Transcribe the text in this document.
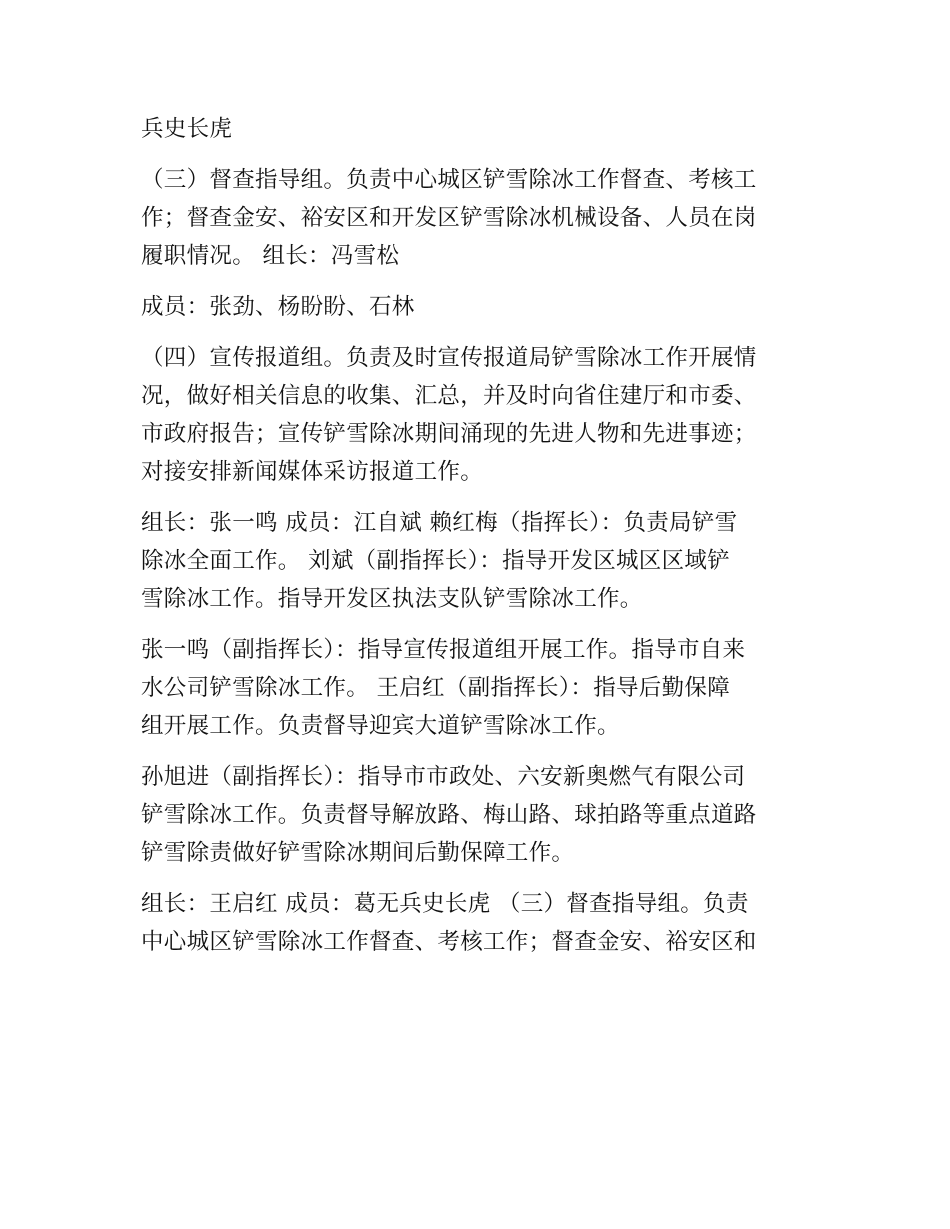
兵史长虎
（三）督查指导组。负责中心城区铲雪除冰工作督查、考核工
作；督查金安、裕安区和开发区铲雪除冰机械设备、人员在岗
履职情况。 组长：冯雪松
成员：张劲、杨盼盼、石林
（四）宣传报道组。负责及时宣传报道局铲雪除冰工作开展情
况，做好相关信息的收集、汇总，并及时向省住建厅和市委、
市政府报告；宣传铲雪除冰期间涌现的先进人物和先进事迹；
对接安排新闻媒体采访报道工作。
组长：张一鸣 成员：江自斌 赖红梅（指挥长）：负责局铲雪
除冰全面工作。 刘斌（副指挥长）：指导开发区城区区域铲
雪除冰工作。指导开发区执法支队铲雪除冰工作。
张一鸣（副指挥长）：指导宣传报道组开展工作。指导市自来
水公司铲雪除冰工作。 王启红（副指挥长）：指导后勤保障
组开展工作。负责督导迎宾大道铲雪除冰工作。
孙旭进（副指挥长）：指导市市政处、六安新奥燃气有限公司
铲雪除冰工作。负责督导解放路、梅山路、球拍路等重点道路
铲雪除责做好铲雪除冰期间后勤保障工作。
组长：王启红 成员：葛无兵史长虎 （三）督查指导组。负责
中心城区铲雪除冰工作督查、考核工作；督查金安、裕安区和
